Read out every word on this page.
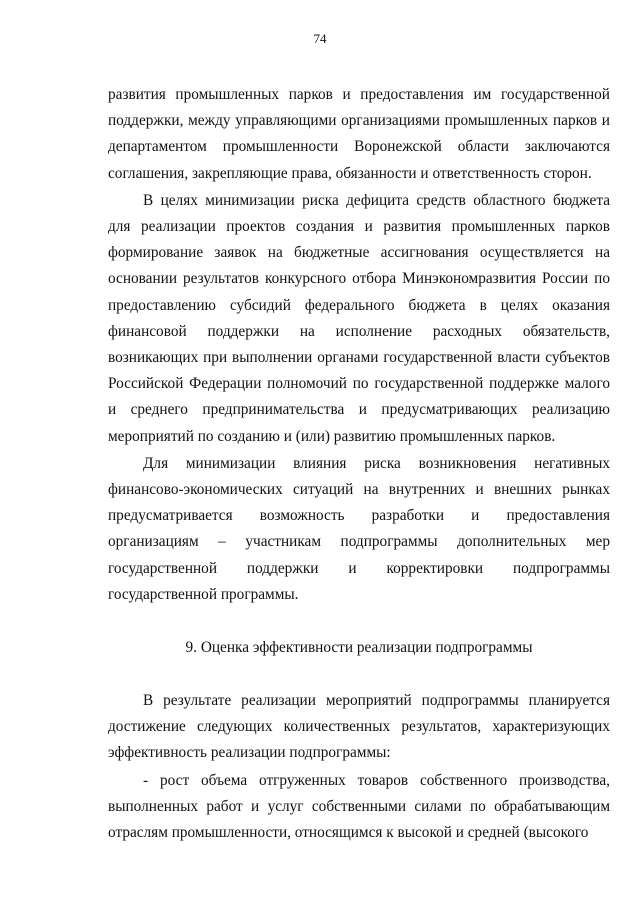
74

развития промышленных парков и предоставления им государственной поддержки, между управляющими организациями промышленных парков и департаментом промышленности Воронежской области заключаются соглашения, закрепляющие права, обязанности и ответственность сторон.

В целях минимизации риска дефицита средств областного бюджета для реализации проектов создания и развития промышленных парков формирование заявок на бюджетные ассигнования осуществляется на основании результатов конкурсного отбора Минэкономразвития России по предоставлению субсидий федерального бюджета в целях оказания финансовой поддержки на исполнение расходных обязательств, возникающих при выполнении органами государственной власти субъектов Российской Федерации полномочий по государственной поддержке малого и среднего предпринимательства и предусматривающих реализацию мероприятий по созданию и (или) развитию промышленных парков.

Для минимизации влияния риска возникновения негативных финансово-экономических ситуаций на внутренних и внешних рынках предусматривается возможность разработки и предоставления организациям – участникам подпрограммы дополнительных мер государственной поддержки и корректировки подпрограммы государственной программы.

9. Оценка эффективности реализации подпрограммы

В результате реализации мероприятий подпрограммы планируется достижение следующих количественных результатов, характеризующих эффективность реализации подпрограммы:

- рост объема отгруженных товаров собственного производства, выполненных работ и услуг собственными силами по обрабатывающим отраслям промышленности, относящимся к высокой и средней (высокого
